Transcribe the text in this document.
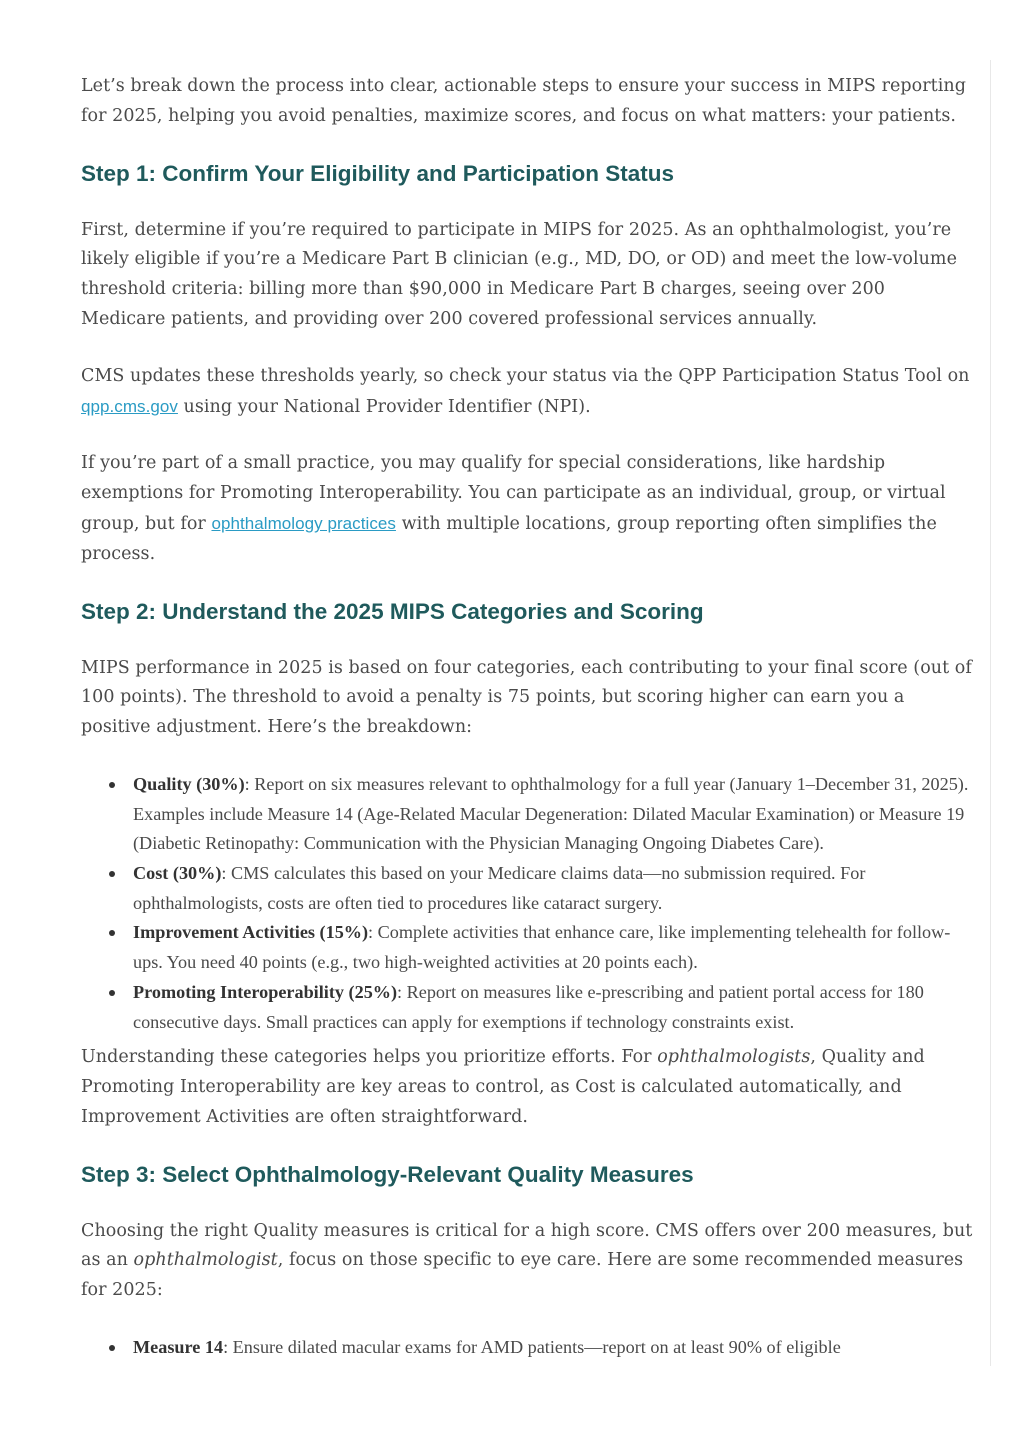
Let’s break down the process into clear, actionable steps to ensure your success in MIPS reporting for 2025, helping you avoid penalties, maximize scores, and focus on what matters: your patients.

Step 1: Confirm Your Eligibility and Participation Status

First, determine if you’re required to participate in MIPS for 2025. As an ophthalmologist, you’re likely eligible if you’re a Medicare Part B clinician (e.g., MD, DO, or OD) and meet the low-volume threshold criteria: billing more than $90,000 in Medicare Part B charges, seeing over 200 Medicare patients, and providing over 200 covered professional services annually.

CMS updates these thresholds yearly, so check your status via the QPP Participation Status Tool on qpp.cms.gov using your National Provider Identifier (NPI).

If you’re part of a small practice, you may qualify for special considerations, like hardship exemptions for Promoting Interoperability. You can participate as an individual, group, or virtual group, but for ophthalmology practices with multiple locations, group reporting often simplifies the process.

Step 2: Understand the 2025 MIPS Categories and Scoring

MIPS performance in 2025 is based on four categories, each contributing to your final score (out of 100 points). The threshold to avoid a penalty is 75 points, but scoring higher can earn you a positive adjustment. Here’s the breakdown:

Quality (30%): Report on six measures relevant to ophthalmology for a full year (January 1–December 31, 2025). Examples include Measure 14 (Age-Related Macular Degeneration: Dilated Macular Examination) or Measure 19 (Diabetic Retinopathy: Communication with the Physician Managing Ongoing Diabetes Care).
Cost (30%): CMS calculates this based on your Medicare claims data—no submission required. For ophthalmologists, costs are often tied to procedures like cataract surgery.
Improvement Activities (15%): Complete activities that enhance care, like implementing telehealth for follow-ups. You need 40 points (e.g., two high-weighted activities at 20 points each).
Promoting Interoperability (25%): Report on measures like e-prescribing and patient portal access for 180 consecutive days. Small practices can apply for exemptions if technology constraints exist.

Understanding these categories helps you prioritize efforts. For ophthalmologists, Quality and Promoting Interoperability are key areas to control, as Cost is calculated automatically, and Improvement Activities are often straightforward.

Step 3: Select Ophthalmology-Relevant Quality Measures

Choosing the right Quality measures is critical for a high score. CMS offers over 200 measures, but as an ophthalmologist, focus on those specific to eye care. Here are some recommended measures for 2025:

Measure 14: Ensure dilated macular exams for AMD patients—report on at least 90% of eligible
